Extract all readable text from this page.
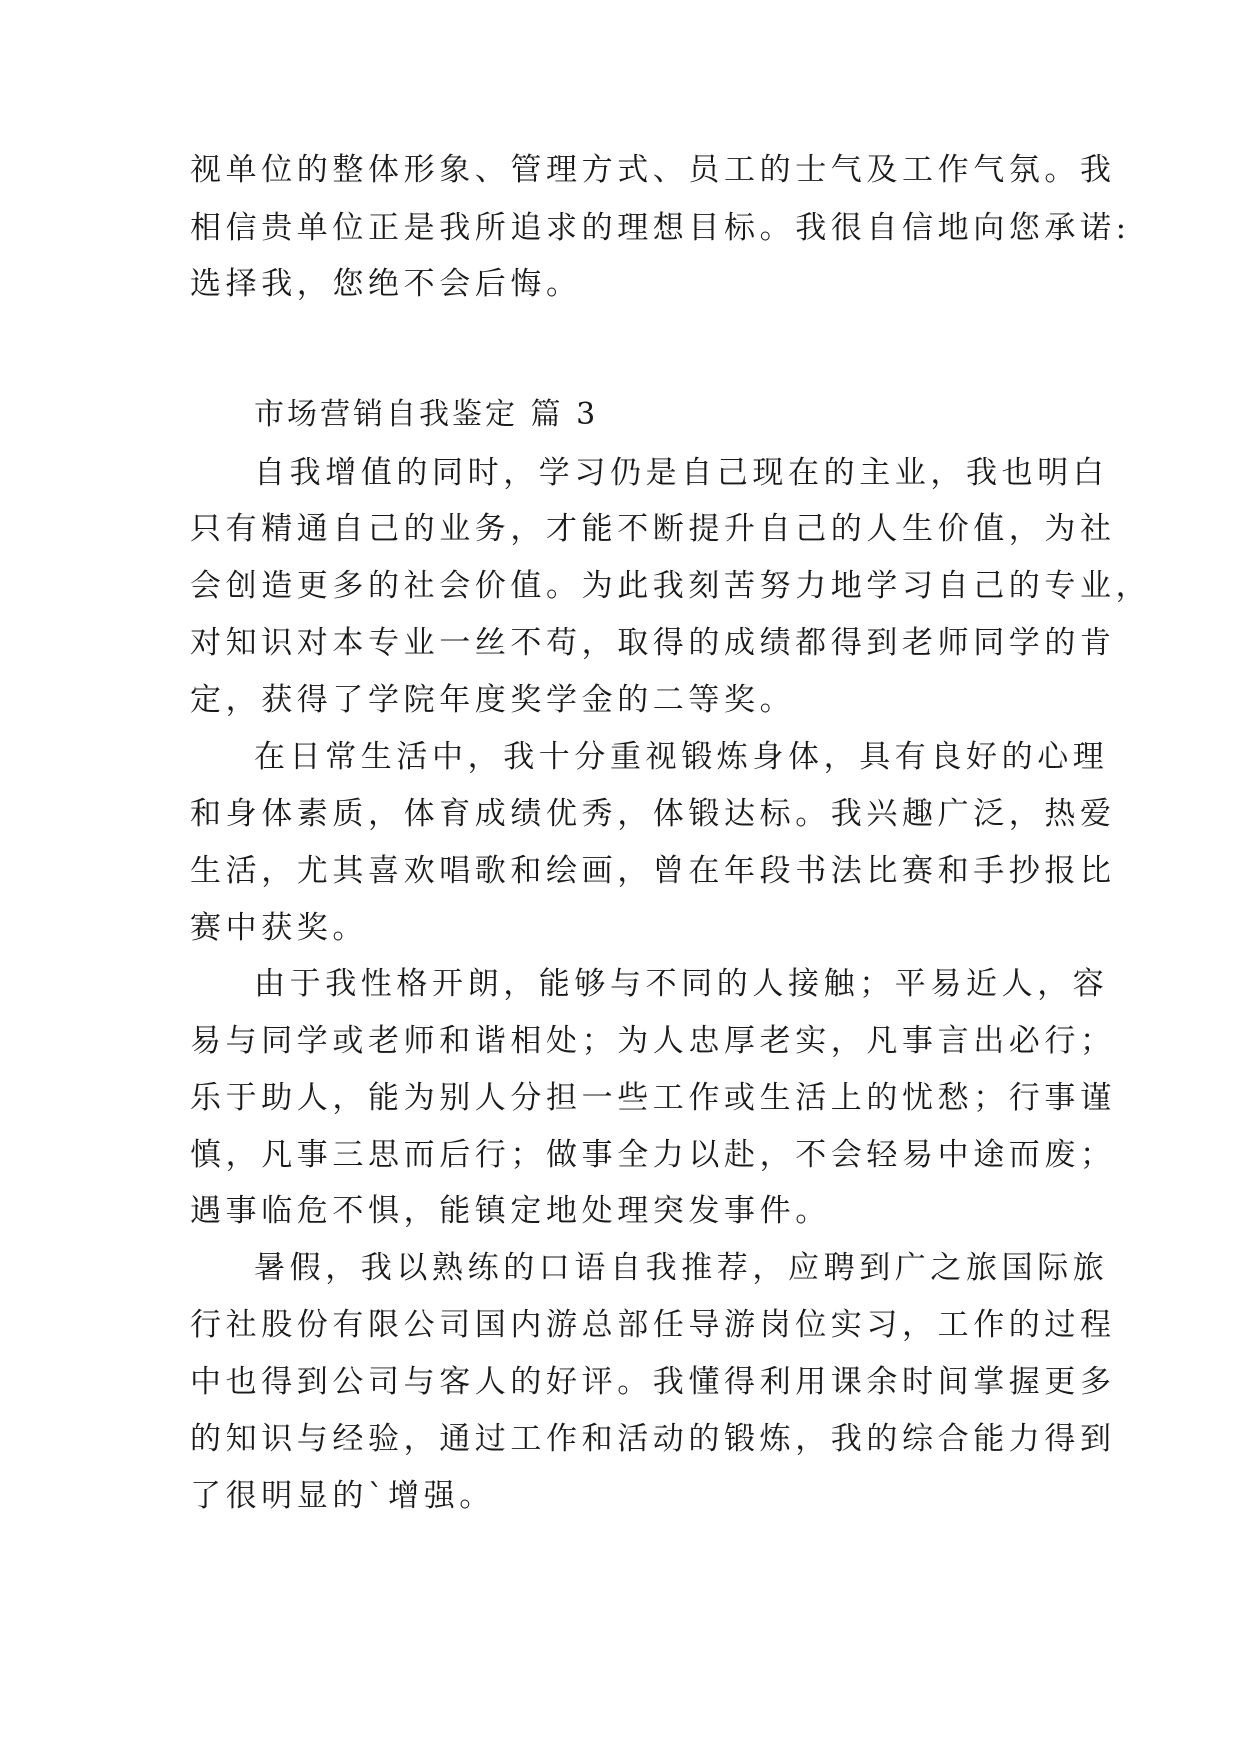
视单位的整体形象、管理方式、员工的士气及工作气氛。我
相信贵单位正是我所追求的理想目标。我很自信地向您承诺:
选择我，您绝不会后悔。
市场营销自我鉴定 篇 3
自我增值的同时，学习仍是自己现在的主业，我也明白
只有精通自己的业务，才能不断提升自己的人生价值，为社
会创造更多的社会价值。为此我刻苦努力地学习自己的专业，
对知识对本专业一丝不苟，取得的成绩都得到老师同学的肯
定，获得了学院年度奖学金的二等奖。
在日常生活中，我十分重视锻炼身体，具有良好的心理
和身体素质，体育成绩优秀，体锻达标。我兴趣广泛，热爱
生活，尤其喜欢唱歌和绘画，曾在年段书法比赛和手抄报比
赛中获奖。
由于我性格开朗，能够与不同的人接触；平易近人，容
易与同学或老师和谐相处；为人忠厚老实，凡事言出必行；
乐于助人，能为别人分担一些工作或生活上的忧愁；行事谨
慎，凡事三思而后行；做事全力以赴，不会轻易中途而废；
遇事临危不惧，能镇定地处理突发事件。
暑假，我以熟练的口语自我推荐，应聘到广之旅国际旅
行社股份有限公司国内游总部任导游岗位实习，工作的过程
中也得到公司与客人的好评。我懂得利用课余时间掌握更多
的知识与经验，通过工作和活动的锻炼，我的综合能力得到
了很明显的`增强。
